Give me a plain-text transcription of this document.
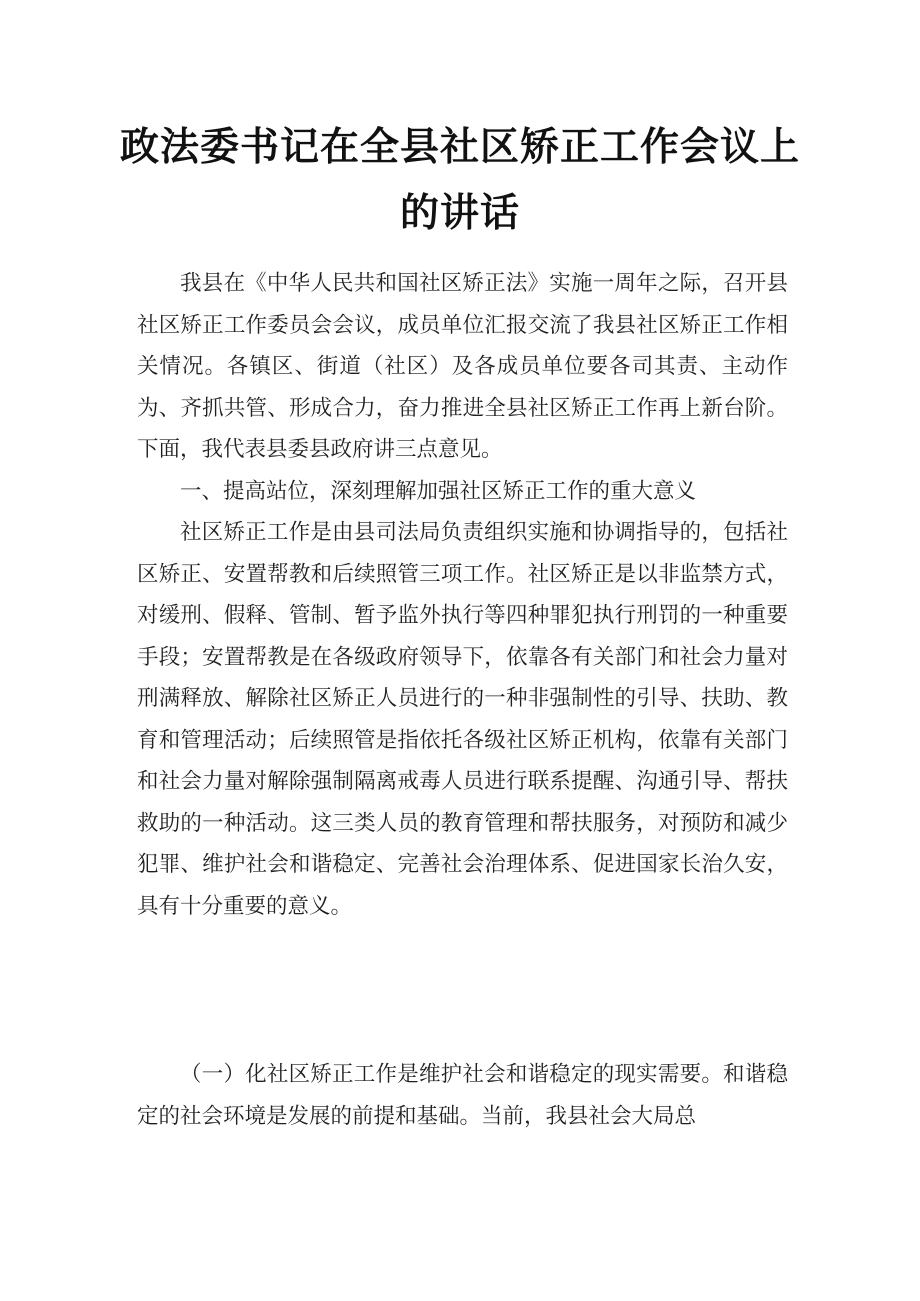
政法委书记在全县社区矫正工作会议上的讲话

我县在《中华人民共和国社区矫正法》实施一周年之际，召开县社区矫正工作委员会会议，成员单位汇报交流了我县社区矫正工作相关情况。各镇区、街道（社区）及各成员单位要各司其责、主动作为、齐抓共管、形成合力，奋力推进全县社区矫正工作再上新台阶。下面，我代表县委县政府讲三点意见。

一、提高站位，深刻理解加强社区矫正工作的重大意义

社区矫正工作是由县司法局负责组织实施和协调指导的，包括社区矫正、安置帮教和后续照管三项工作。社区矫正是以非监禁方式，对缓刑、假释、管制、暂予监外执行等四种罪犯执行刑罚的一种重要手段；安置帮教是在各级政府领导下，依靠各有关部门和社会力量对刑满释放、解除社区矫正人员进行的一种非强制性的引导、扶助、教育和管理活动；后续照管是指依托各级社区矫正机构，依靠有关部门和社会力量对解除强制隔离戒毒人员进行联系提醒、沟通引导、帮扶救助的一种活动。这三类人员的教育管理和帮扶服务，对预防和减少犯罪、维护社会和谐稳定、完善社会治理体系、促进国家长治久安，具有十分重要的意义。

（一）化社区矫正工作是维护社会和谐稳定的现实需要。和谐稳定的社会环境是发展的前提和基础。当前，我县社会大局总
